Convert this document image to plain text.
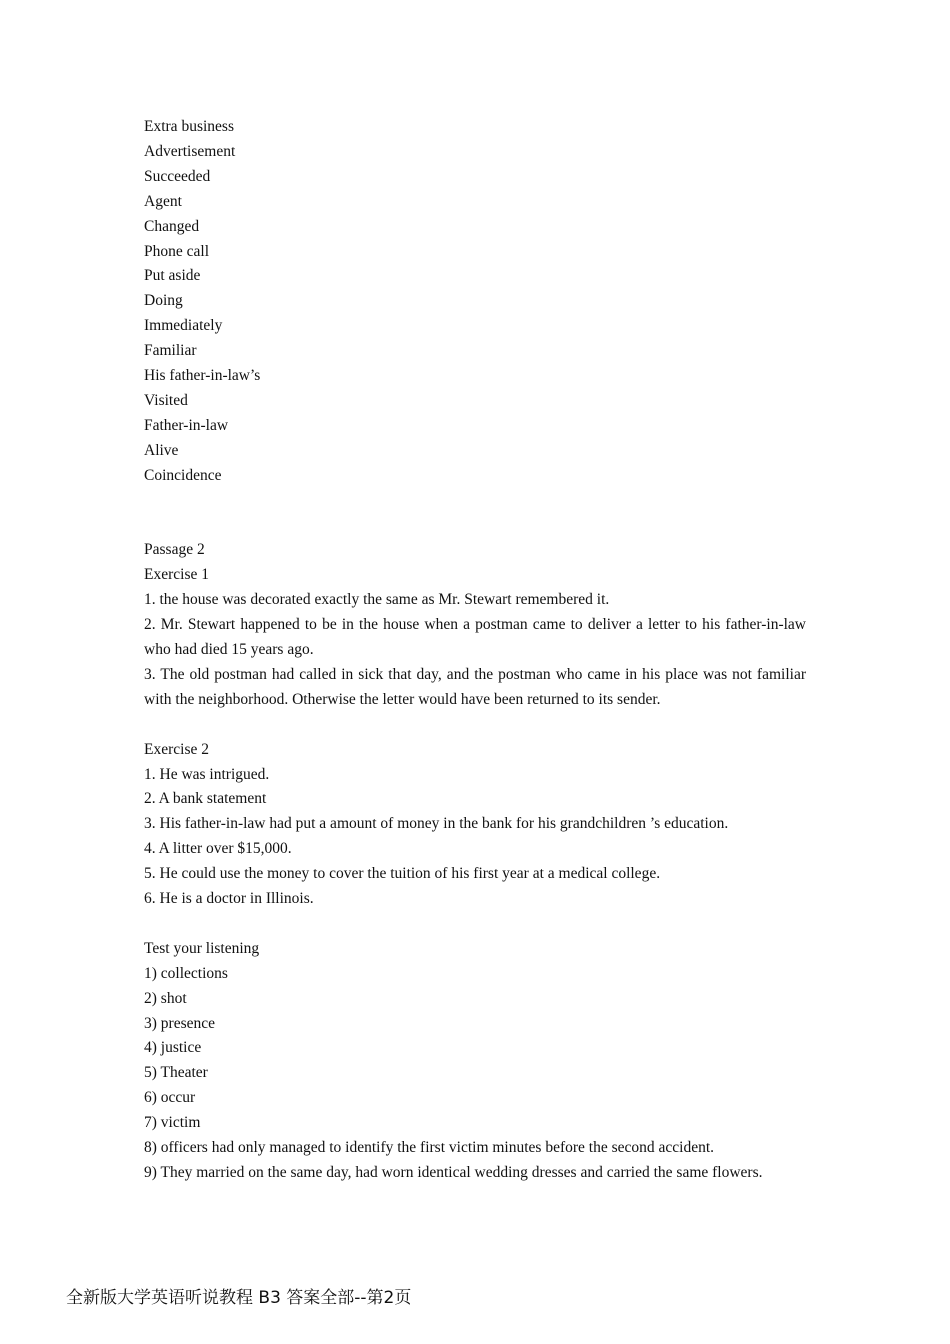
Extra business
Advertisement
Succeeded
Agent
Changed
Phone call
Put aside
Doing
Immediately
Familiar
His father-in-law’s
Visited
Father-in-law
Alive
Coincidence
Passage 2
Exercise 1
1. the house was decorated exactly the same as Mr. Stewart remembered it.
2. Mr. Stewart happened to be in the house when a postman came to deliver a letter to his father-in-law who had died 15 years ago.
3. The old postman had called in sick that day, and the postman who came in his place was not familiar with the neighborhood. Otherwise the letter would have been returned to its sender.
Exercise 2
1. He was intrigued.
2. A bank statement
3. His father-in-law had put a amount of money in the bank for his grandchildren ’s education.
4. A litter over $15,000.
5. He could use the money to cover the tuition of his first year at a medical college.
6. He is a doctor in Illinois.
Test your listening
1) collections
2) shot
3) presence
4) justice
5) Theater
6) occur
7) victim
8) officers had only managed to identify the first victim minutes before the second accident.
9) They married on the same day, had worn identical wedding dresses and carried the same flowers.
全新版大学英语听说教程 B3 答案全部--第2页
